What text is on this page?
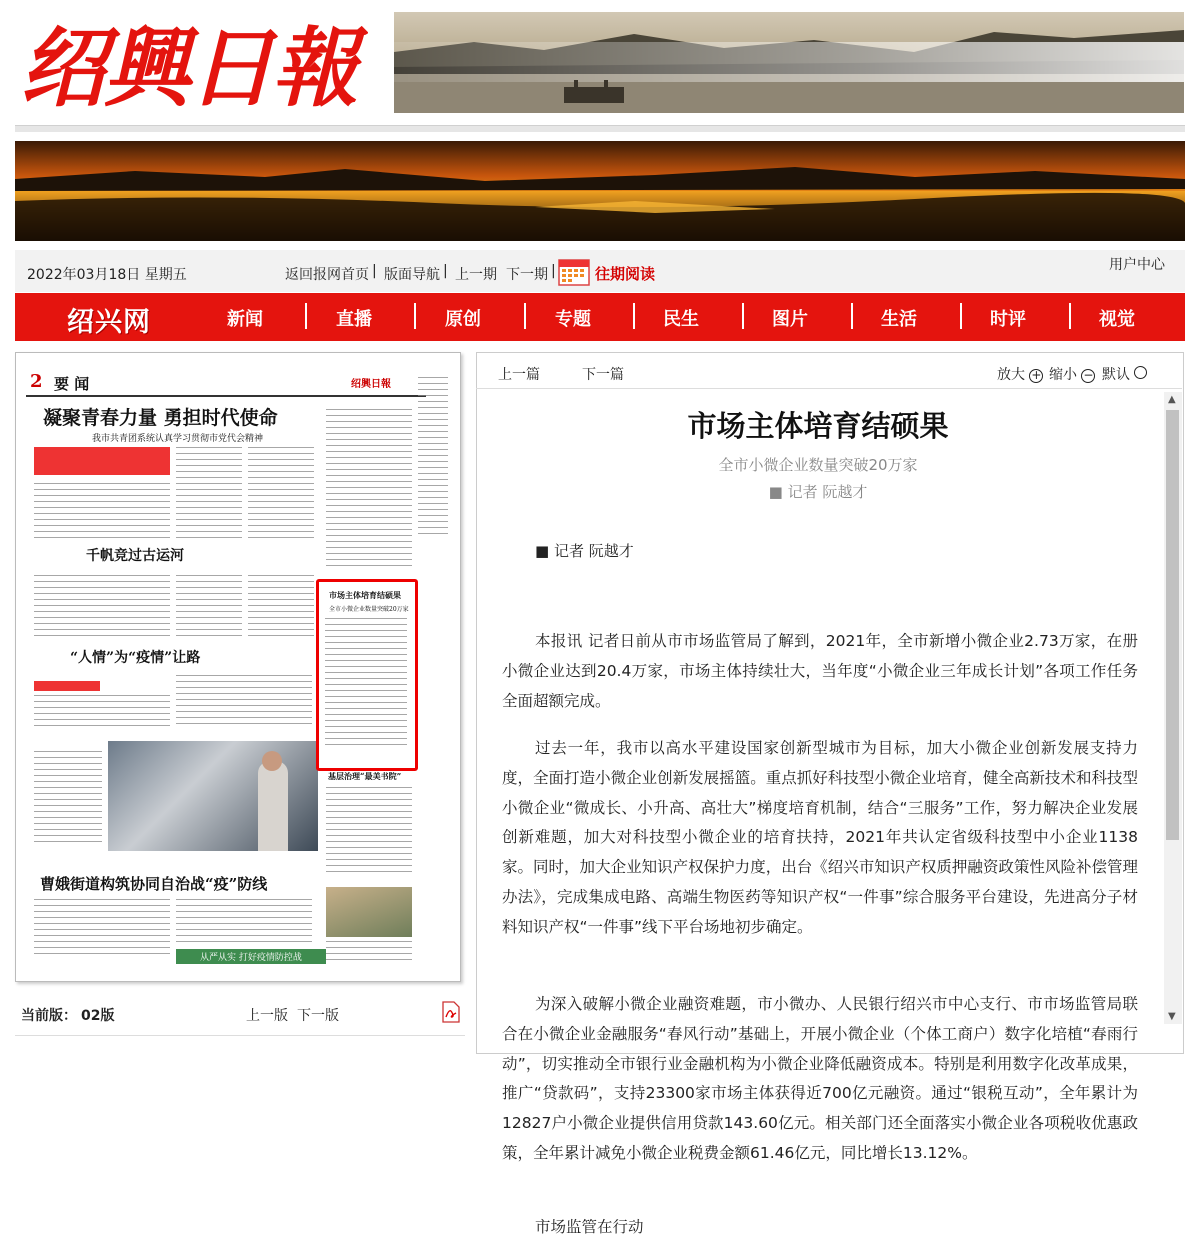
绍興日報
2022年03月18日 星期五	返回报网首页 | 版面导航 | 上一期 下一期 |	往期阅读	用户中心
绍兴网	新闻	直播	原创	专题	民生	图片	生活	时评	视觉
2 要 闻	绍興日報
凝聚青春力量 勇担时代使命
我市共青团系统认真学习贯彻市党代会精神
千帆竞过古运河
“人情”为“疫情”让路
曹娥街道构筑协同自治战“疫”防线
从严从实 打好疫情防控战
市场主体培育结硕果
全市小微企业数量突破20万家
基层治理“最美书院”
当前版： 02版	上一版 下一版
上一篇	下一篇	放大 + 缩小 − 默认
▲
▼
市场主体培育结硕果
全市小微企业数量突破20万家
■ 记者 阮越才
■ 记者 阮越才

本报讯 记者日前从市市场监管局了解到，2021年，全市新增小微企业2.73万家，在册小微企业达到20.4万家，市场主体持续壮大，当年度“小微企业三年成长计划”各项工作任务全面超额完成。

过去一年，我市以高水平建设国家创新型城市为目标，加大小微企业创新发展支持力度，全面打造小微企业创新发展摇篮。重点抓好科技型小微企业培育，健全高新技术和科技型小微企业“微成长、小升高、高壮大”梯度培育机制，结合“三服务”工作，努力解决企业发展创新难题，加大对科技型小微企业的培育扶持，2021年共认定省级科技型中小企业1138家。同时，加大企业知识产权保护力度，出台《绍兴市知识产权质押融资政策性风险补偿管理办法》，完成集成电路、高端生物医药等知识产权“一件事”综合服务平台建设，先进高分子材料知识产权“一件事”线下平台场地初步确定。

为深入破解小微企业融资难题，市小微办、人民银行绍兴市中心支行、市市场监管局联合在小微企业金融服务“春风行动”基础上，开展小微企业（个体工商户）数字化培植“春雨行动”，切实推动全市银行业金融机构为小微企业降低融资成本。特别是利用数字化改革成果，推广“贷款码”，支持23300家市场主体获得近700亿元融资。通过“银税互动”，全年累计为12827户小微企业提供信用贷款143.60亿元。相关部门还全面落实小微企业各项税收优惠政策，全年累计减免小微企业税费金额61.46亿元，同比增长13.12%。

市场监管在行动
